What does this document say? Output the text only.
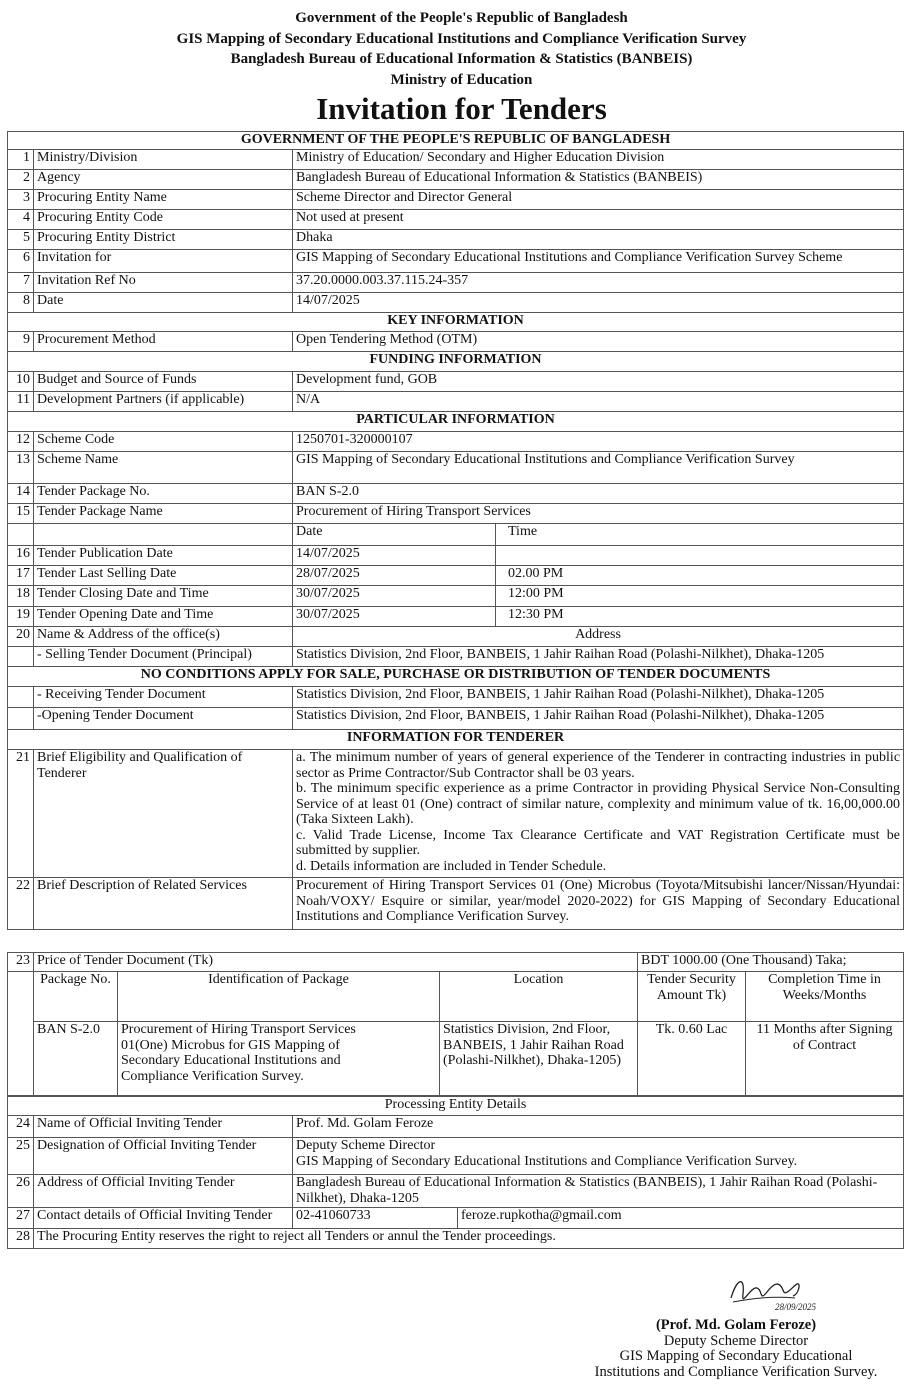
Government of the People's Republic of Bangladesh
GIS Mapping of Secondary Educational Institutions and Compliance Verification Survey
Bangladesh Bureau of Educational Information & Statistics (BANBEIS)
Ministry of Education
Invitation for Tenders
GOVERNMENT OF THE PEOPLE'S REPUBLIC OF BANGLADESH			
1	Ministry/Division	Ministry of Education/ Secondary and Higher Education Division	
2	Agency	Bangladesh Bureau of Educational Information & Statistics (BANBEIS)	
3	Procuring Entity Name	Scheme Director and Director General	
4	Procuring Entity Code	Not used at present	
5	Procuring Entity District	Dhaka	
6	Invitation for	GIS Mapping of Secondary Educational Institutions and Compliance Verification Survey Scheme	
7	Invitation Ref No	37.20.0000.003.37.115.24-357	
8	Date	14/07/2025	
KEY INFORMATION			
9	Procurement Method	Open Tendering Method (OTM)	
FUNDING INFORMATION			
10	Budget and Source of Funds	Development fund, GOB	
11	Development Partners (if applicable)	N/A	
PARTICULAR INFORMATION			
12	Scheme Code	1250701-320000107	
13	Scheme Name	GIS Mapping of Secondary Educational Institutions and Compliance Verification Survey	
14	Tender Package No.	BAN S-2.0	
15	Tender Package Name	Procurement of Hiring Transport Services	
		Date	Time
16	Tender Publication Date	14/07/2025	
17	Tender Last Selling Date	28/07/2025	02.00 PM
18	Tender Closing Date and Time	30/07/2025	12:00 PM
19	Tender Opening Date and Time	30/07/2025	12:30 PM
20	Name & Address of the office(s)	Address	
	- Selling Tender Document (Principal)	Statistics Division, 2nd Floor, BANBEIS, 1 Jahir Raihan Road (Polashi-Nilkhet), Dhaka-1205	
NO CONDITIONS APPLY FOR SALE, PURCHASE OR DISTRIBUTION OF TENDER DOCUMENTS			
	- Receiving Tender Document	Statistics Division, 2nd Floor, BANBEIS, 1 Jahir Raihan Road (Polashi-Nilkhet), Dhaka-1205	
	-Opening Tender Document	Statistics Division, 2nd Floor, BANBEIS, 1 Jahir Raihan Road (Polashi-Nilkhet), Dhaka-1205	
INFORMATION FOR TENDERER			
21	Brief Eligibility and Qualification of Tenderer	a. The minimum number of years of general experience of the Tenderer in contracting industries in public sector as Prime Contractor/Sub Contractor shall be 03 years.
b. The minimum specific experience as a prime Contractor in providing Physical Service Non-Consulting Service of at least 01 (One) contract of similar nature, complexity and minimum value of tk. 16,00,000.00 (Taka Sixteen Lakh).
c. Valid Trade License, Income Tax Clearance Certificate and VAT Registration Certificate must be submitted by supplier.
d. Details information are included in Tender Schedule.	

22	Brief Description of Related Services	Procurement of Hiring Transport Services 01 (One) Microbus (Toyota/Mitsubishi lancer/Nissan/Hyundai: Noah/VOXY/ Esquire or similar, year/model 2020-2022) for GIS Mapping of Secondary Educational Institutions and Compliance Verification Survey.	
23	Price of Tender Document (Tk)			BDT 1000.00 (One Thousand) Taka;	
	Package No.	Identification of Package	Location	Tender Security Amount Tk)	Completion Time in Weeks/Months
	BAN S-2.0	Procurement of Hiring Transport Services 01(One) Microbus for GIS Mapping of Secondary Educational Institutions and Compliance Verification Survey.	Statistics Division, 2nd Floor, BANBEIS, 1 Jahir Raihan Road (Polashi-Nilkhet), Dhaka-1205)	Tk. 0.60 Lac	11 Months after Signing of Contract
Processing Entity Details			
24	Name of Official Inviting Tender	Prof. Md. Golam Feroze	
25	Designation of Official Inviting Tender	Deputy Scheme Director
GIS Mapping of Secondary Educational Institutions and Compliance Verification Survey.	

26	Address of Official Inviting Tender	Bangladesh Bureau of Educational Information & Statistics (BANBEIS), 1 Jahir Raihan Road (Polashi-Nilkhet), Dhaka-1205	
27	Contact details of Official Inviting Tender	02-41060733	feroze.rupkotha@gmail.com
28	The Procuring Entity reserves the right to reject all Tenders or annul the Tender proceedings.		
28/09/2025
(Prof. Md. Golam Feroze)
Deputy Scheme Director
GIS Mapping of Secondary Educational
Institutions and Compliance Verification Survey.
